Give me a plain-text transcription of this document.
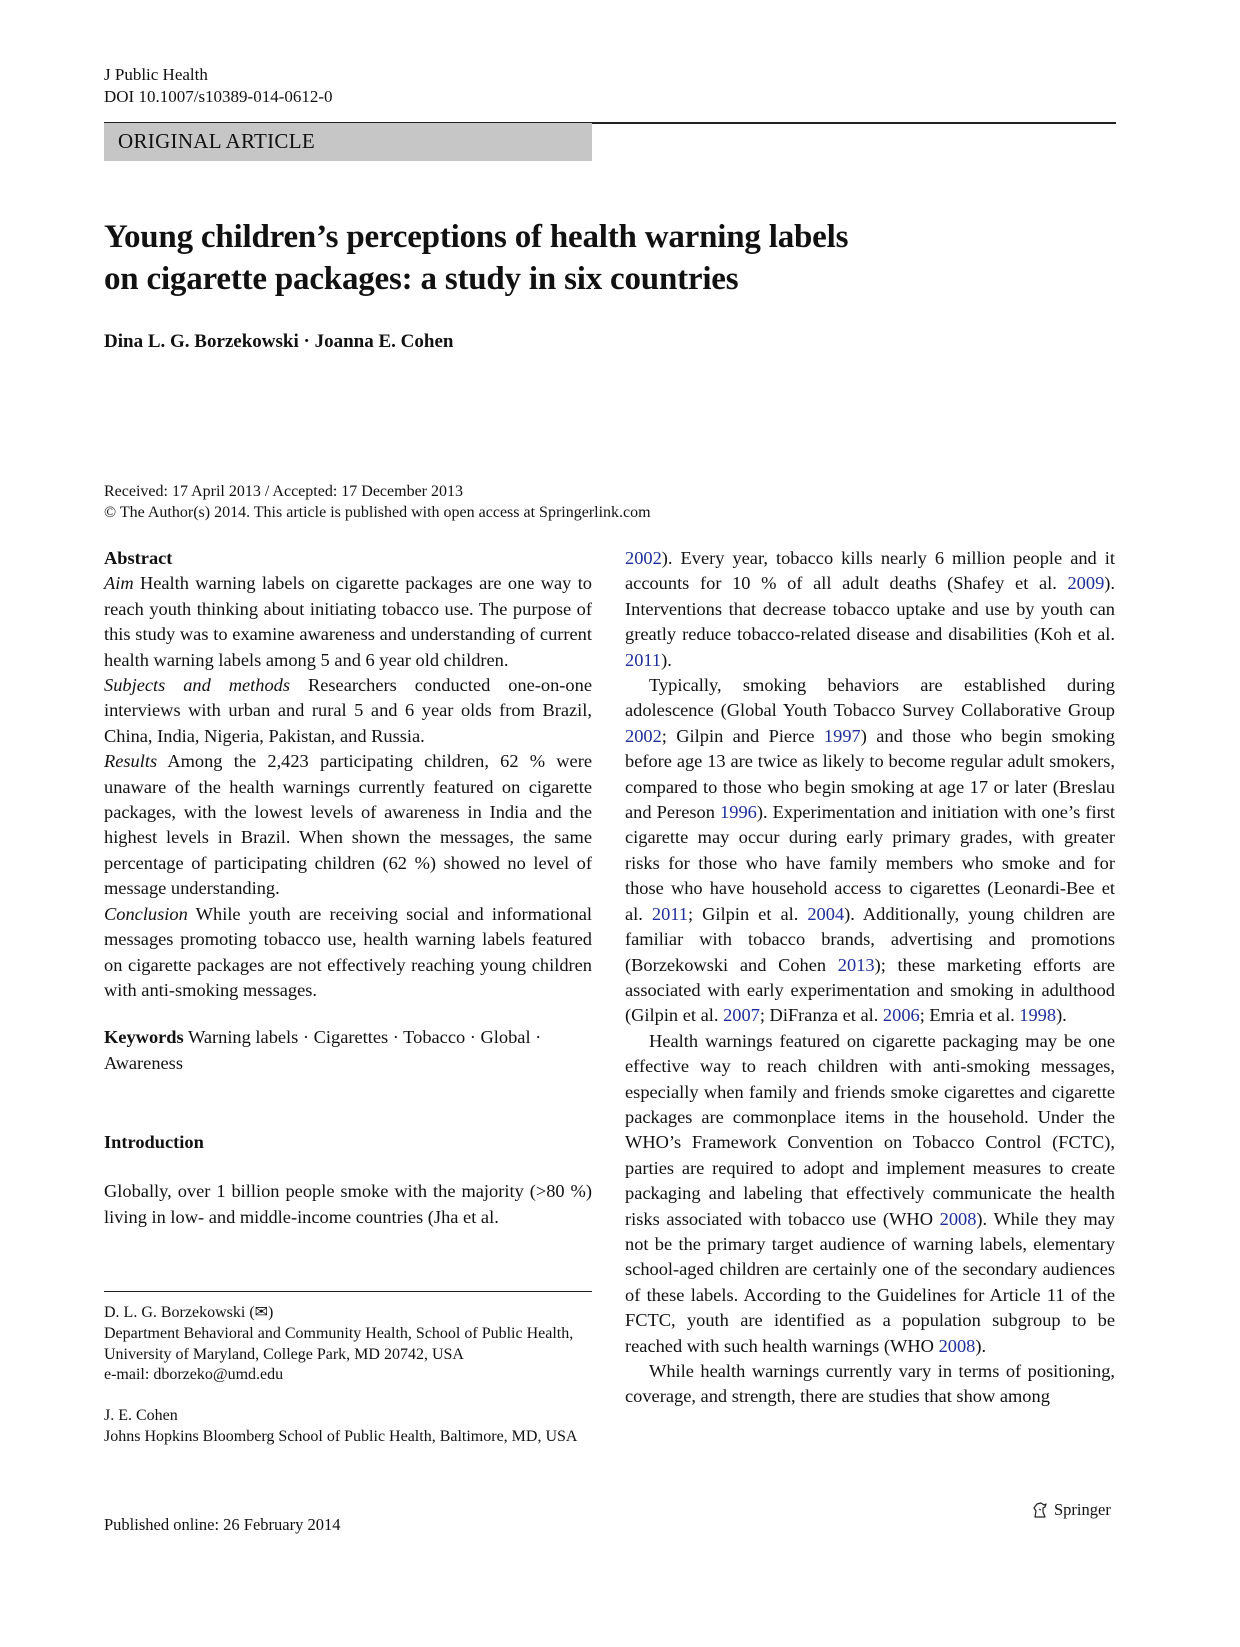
J Public Health
DOI 10.1007/s10389-014-0612-0
ORIGINAL ARTICLE
Young children’s perceptions of health warning labels
on cigarette packages: a study in six countries
Dina L. G. Borzekowski · Joanna E. Cohen
Received: 17 April 2013 / Accepted: 17 December 2013
© The Author(s) 2014. This article is published with open access at Springerlink.com
Abstract

Aim Health warning labels on cigarette packages are one way to reach youth thinking about initiating tobacco use. The purpose of this study was to examine awareness and understanding of current health warning labels among 5 and 6 year old children.

Subjects and methods Researchers conducted one-on-one interviews with urban and rural 5 and 6 year olds from Brazil, China, India, Nigeria, Pakistan, and Russia.

Results Among the 2,423 participating children, 62 % were unaware of the health warnings currently featured on cigarette packages, with the lowest levels of awareness in India and the highest levels in Brazil. When shown the messages, the same percentage of participating children (62 %) showed no level of message understanding.

Conclusion While youth are receiving social and informational messages promoting tobacco use, health warning labels featured on cigarette packages are not effectively reaching young children with anti-smoking messages.

Keywords Warning labels · Cigarettes · Tobacco · Global · Awareness

Introduction

Globally, over 1 billion people smoke with the majority (>80 %) living in low- and middle-income countries (Jha et al.

D. L. G. Borzekowski (✉)

Department Behavioral and Community Health, School of Public Health, University of Maryland, College Park, MD 20742, USA

e-mail: dborzeko@umd.edu

J. E. Cohen

Johns Hopkins Bloomberg School of Public Health, Baltimore, MD, USA

2002). Every year, tobacco kills nearly 6 million people and it accounts for 10 % of all adult deaths (Shafey et al. 2009). Interventions that decrease tobacco uptake and use by youth can greatly reduce tobacco-related disease and disabilities (Koh et al. 2011).

Typically, smoking behaviors are established during adolescence (Global Youth Tobacco Survey Collaborative Group 2002; Gilpin and Pierce 1997) and those who begin smoking before age 13 are twice as likely to become regular adult smokers, compared to those who begin smoking at age 17 or later (Breslau and Pereson 1996). Experimentation and initiation with one’s first cigarette may occur during early primary grades, with greater risks for those who have family members who smoke and for those who have household access to cigarettes (Leonardi-Bee et al. 2011; Gilpin et al. 2004). Additionally, young children are familiar with tobacco brands, advertising and promotions (Borzekowski and Cohen 2013); these marketing efforts are associated with early experimentation and smoking in adulthood (Gilpin et al. 2007; DiFranza et al. 2006; Emria et al. 1998).

Health warnings featured on cigarette packaging may be one effective way to reach children with anti-smoking messages, especially when family and friends smoke cigarettes and cigarette packages are commonplace items in the household. Under the WHO’s Framework Convention on Tobacco Control (FCTC), parties are required to adopt and implement measures to create packaging and labeling that effectively communicate the health risks associated with tobacco use (WHO 2008). While they may not be the primary target audience of warning labels, elementary school-aged children are certainly one of the secondary audiences of these labels. According to the Guidelines for Article 11 of the FCTC, youth are identified as a population subgroup to be reached with such health warnings (WHO 2008).

While health warnings currently vary in terms of positioning, coverage, and strength, there are studies that show among

Published online: 26 February 2014
Springer
